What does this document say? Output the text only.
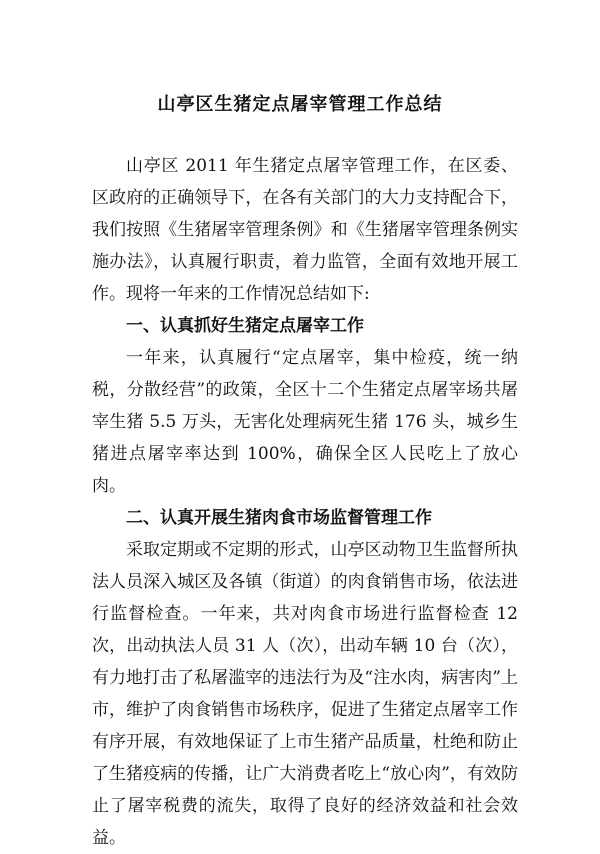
山亭区生猪定点屠宰管理工作总结

山亭区 2011 年生猪定点屠宰管理工作，在区委、区政府的正确领导下，在各有关部门的大力支持配合下，我们按照《生猪屠宰管理条例》和《生猪屠宰管理条例实施办法》，认真履行职责，着力监管，全面有效地开展工作。现将一年来的工作情况总结如下:

一、认真抓好生猪定点屠宰工作

一年来，认真履行“定点屠宰，集中检疫，统一纳税，分散经营”的政策，全区十二个生猪定点屠宰场共屠宰生猪 5.5 万头，无害化处理病死生猪 176 头，城乡生猪进点屠宰率达到 100%，确保全区人民吃上了放心肉。

二、认真开展生猪肉食市场监督管理工作

采取定期或不定期的形式，山亭区动物卫生监督所执法人员深入城区及各镇（街道）的肉食销售市场，依法进行监督检查。一年来，共对肉食市场进行监督检查 12 次，出动执法人员 31 人（次），出动车辆 10 台（次），有力地打击了私屠滥宰的违法行为及“注水肉，病害肉”上市，维护了肉食销售市场秩序，促进了生猪定点屠宰工作有序开展，有效地保证了上市生猪产品质量，杜绝和防止了生猪疫病的传播，让广大消费者吃上“放心肉”，有效防止了屠宰税费的流失，取得了良好的经济效益和社会效益。
